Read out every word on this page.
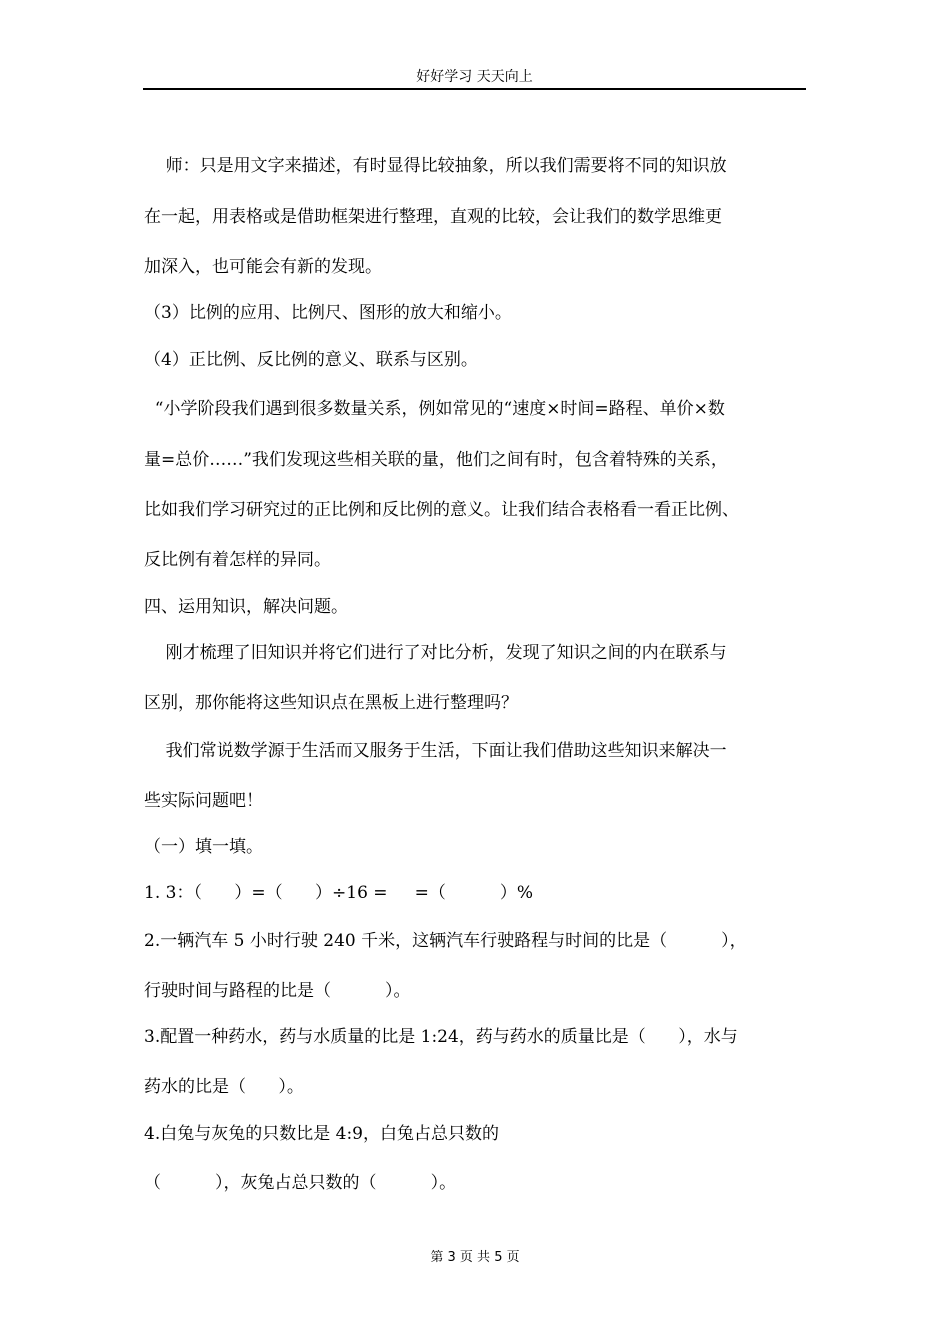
好好学习 天天向上
师：只是用文字来描述，有时显得比较抽象，所以我们需要将不同的知识放
在一起，用表格或是借助框架进行整理，直观的比较，会让我们的数学思维更
加深入，也可能会有新的发现。
（3）比例的应用、比例尺、图形的放大和缩小。
（4）正比例、反比例的意义、联系与区别。
“小学阶段我们遇到很多数量关系，例如常见的“速度×时间=路程、单价×数
量=总价……”我们发现这些相关联的量，他们之间有时，包含着特殊的关系，
比如我们学习研究过的正比例和反比例的意义。让我们结合表格看一看正比例、
反比例有着怎样的异同。
四、运用知识，解决问题。
刚才梳理了旧知识并将它们进行了对比分析，发现了知识之间的内在联系与
区别，那你能将这些知识点在黑板上进行整理吗？
我们常说数学源于生活而又服务于生活，下面让我们借助这些知识来解决一
些实际问题吧！
（一）填一填。
1. 3：（      ）=（      ）÷16 =     =（          ）%
2.一辆汽车 5 小时行驶 240 千米，这辆汽车行驶路程与时间的比是（          ），
行驶时间与路程的比是（          ）。
3.配置一种药水，药与水质量的比是 1:24，药与药水的质量比是（      ），水与
药水的比是（      ）。
4.白兔与灰兔的只数比是 4:9，白兔占总只数的
（          ），灰兔占总只数的（          ）。
第 3 页 共 5 页
